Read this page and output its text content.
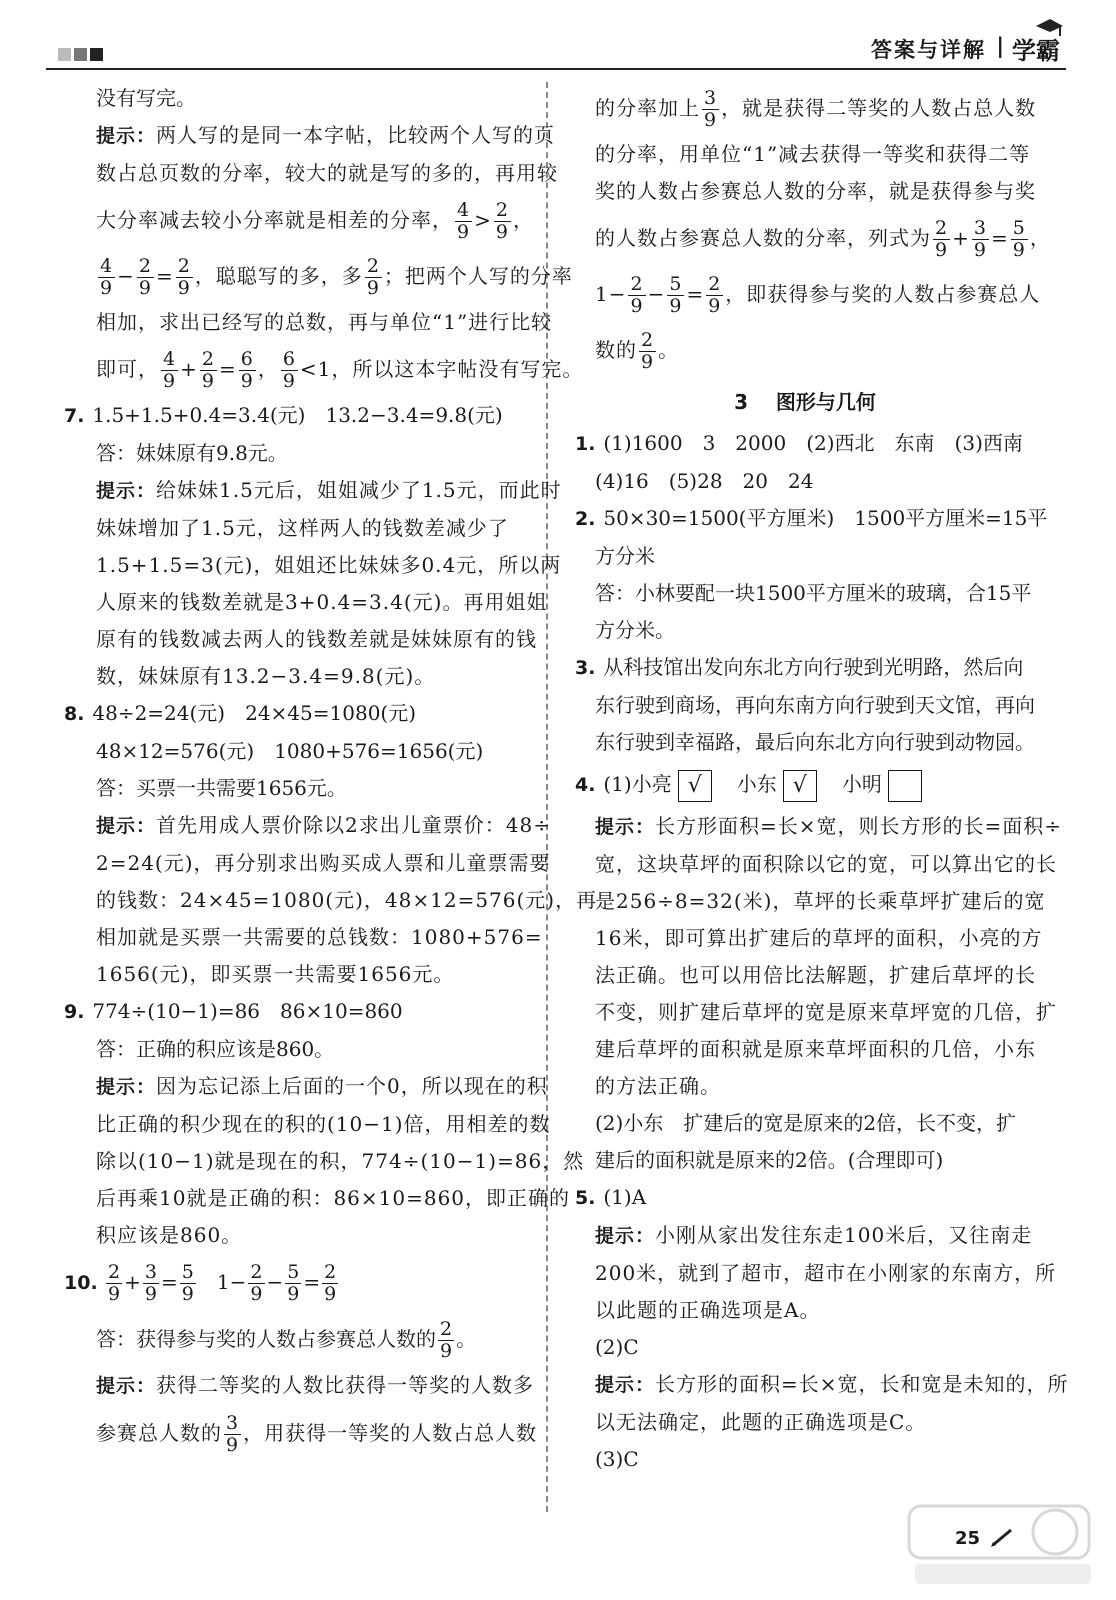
答案与详解 | 学霸
没有写完。
提示：两人写的是同一本字帖，比较两个人写的页
数占总页数的分率，较大的就是写的多的，再用较
大分率减去较小分率就是相差的分率， $\frac{4}{9} > \frac{2}{9}$ ，
$\frac{4}{9} - \frac{2}{9} = \frac{2}{9}$ ，聪聪写的多，多 $\frac{2}{9}$ ；把两个人写的分率
相加，求出已经写的总数，再与单位“1”进行比较
即可， $\frac{4}{9} + \frac{2}{9} = \frac{6}{9}$ ， $\frac{6}{9} <1$，所以这本字帖没有写完。
7. 1.5+1.5+0.4=3.4(元)　13.2−3.4=9.8(元)
答：妹妹原有9.8元。
提示：给妹妹1.5元后，姐姐减少了1.5元，而此时
妹妹增加了1.5元，这样两人的钱数差减少了
1.5+1.5=3(元)，姐姐还比妹妹多0.4元，所以两
人原来的钱数差就是3+0.4=3.4(元)。再用姐姐
原有的钱数减去两人的钱数差就是妹妹原有的钱
数，妹妹原有13.2−3.4=9.8(元)。
8. 48÷2=24(元)　24×45=1080(元)
48×12=576(元)　1080+576=1656(元)
答：买票一共需要1656元。
提示：首先用成人票价除以2求出儿童票价：48÷
2=24(元)，再分别求出购买成人票和儿童票需要
的钱数：24×45=1080(元)，48×12=576(元)，再
相加就是买票一共需要的总钱数：1080+576=
1656(元)，即买票一共需要1656元。
9. 774÷(10−1)=86　86×10=860
答：正确的积应该是860。
提示：因为忘记添上后面的一个0，所以现在的积
比正确的积少现在的积的(10−1)倍，用相差的数
除以(10−1)就是现在的积，774÷(10−1)=86，然
后再乘10就是正确的积：86×10=860，即正确的
积应该是860。
10. $\frac{2}{9} + \frac{3}{9} = \frac{5}{9} 1- \frac{2}{9} - \frac{5}{9} = \frac{2}{9}$
答：获得参与奖的人数占参赛总人数的 $\frac{2}{9}$ 。
提示：获得二等奖的人数比获得一等奖的人数多
参赛总人数的 $\frac{3}{9}$ ，用获得一等奖的人数占总人数
的分率加上 $\frac{3}{9}$ ，就是获得二等奖的人数占总人数
的分率，用单位“1”减去获得一等奖和获得二等
奖的人数占参赛总人数的分率，就是获得参与奖
的人数占参赛总人数的分率，列式为 $\frac{2}{9} + \frac{3}{9} = \frac{5}{9}$ ，
$1- \frac{2}{9} - \frac{5}{9} = \frac{2}{9}$ ，即获得参与奖的人数占参赛总人
数的 $\frac{2}{9}$ 。
3 图形与几何
1. (1)1600　3　2000　(2)西北　东南　(3)西南
(4)16　(5)28　20　24
2. 50×30=1500(平方厘米)　1500平方厘米=15平
方分米
答：小林要配一块1500平方厘米的玻璃，合15平
方分米。
3. 从科技馆出发向东北方向行驶到光明路，然后向
东行驶到商场，再向东南方向行驶到天文馆，再向
东行驶到幸福路，最后向东北方向行驶到动物园。
4. (1)小亮 √ 小东 √ 小明
提示：长方形面积=长×宽，则长方形的长=面积÷
宽，这块草坪的面积除以它的宽，可以算出它的长
是256÷8=32(米)，草坪的长乘草坪扩建后的宽
16米，即可算出扩建后的草坪的面积，小亮的方
法正确。也可以用倍比法解题，扩建后草坪的长
不变，则扩建后草坪的宽是原来草坪宽的几倍，扩
建后草坪的面积就是原来草坪面积的几倍，小东
的方法正确。
(2)小东　扩建后的宽是原来的2倍，长不变，扩
建后的面积就是原来的2倍。(合理即可)
5. (1)A
提示：小刚从家出发往东走100米后，又往南走
200米，就到了超市，超市在小刚家的东南方，所
以此题的正确选项是A。
(2)C
提示：长方形的面积=长×宽，长和宽是未知的，所
以无法确定，此题的正确选项是C。
(3)C
25
